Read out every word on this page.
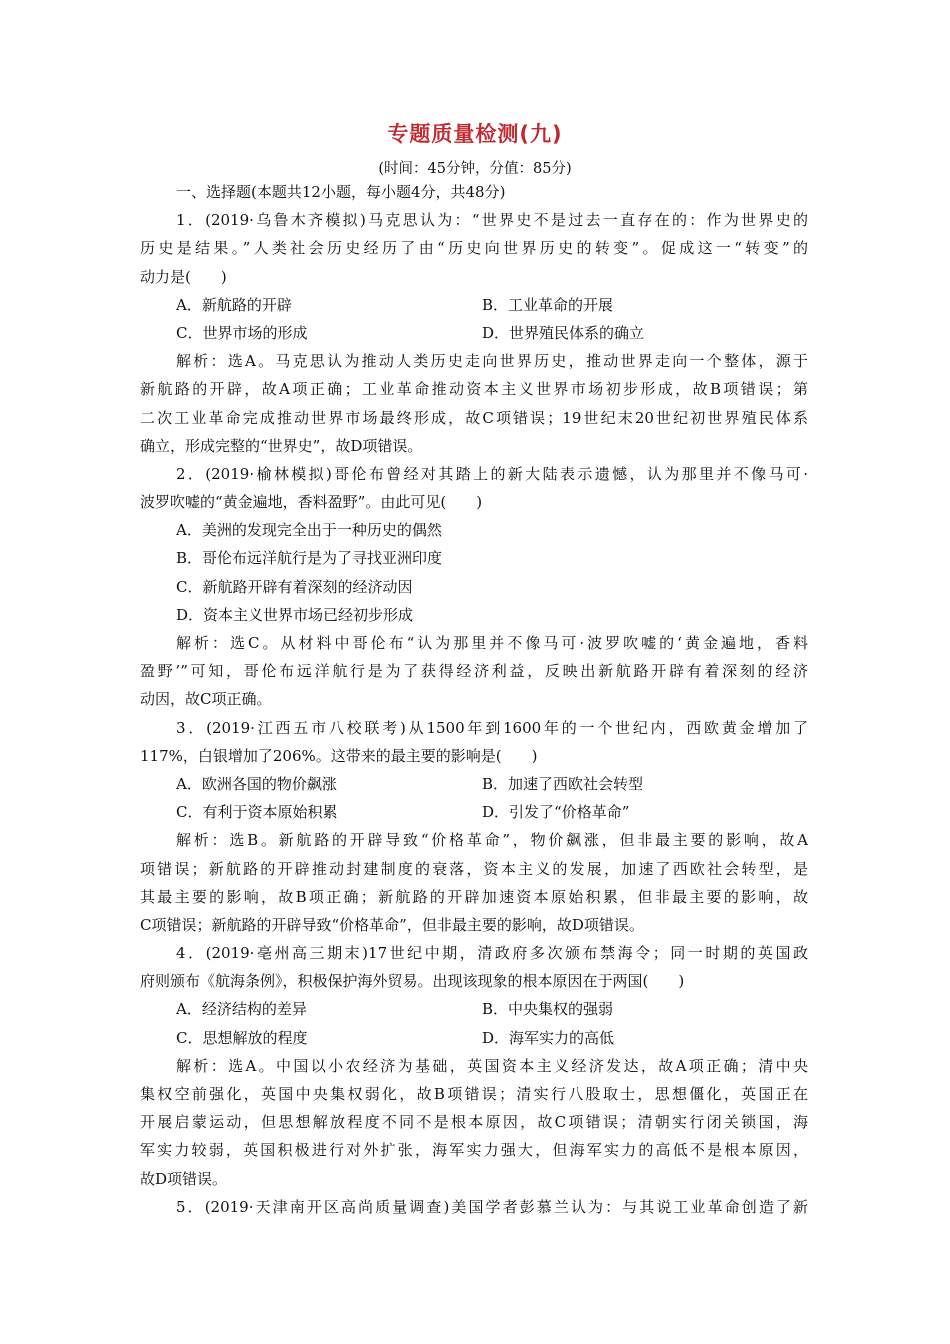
专题质量检测(九)
(时间：45分钟，分值：85分)
一、选择题(本题共12小题，每小题4分，共48分)
1．(2019·乌鲁木齐模拟)马克思认为：“世界史不是过去一直存在的：作为世界史的
历史是结果。”人类社会历史经历了由“历史向世界历史的转变”。促成这一“转变”的
动力是(　　)
A．新航路的开辟	B．工业革命的开展
C．世界市场的形成	D．世界殖民体系的确立
解析：选A。马克思认为推动人类历史走向世界历史，推动世界走向一个整体，源于
新航路的开辟，故A项正确；工业革命推动资本主义世界市场初步形成，故B项错误；第
二次工业革命完成推动世界市场最终形成，故C项错误；19世纪末20世纪初世界殖民体系
确立，形成完整的“世界史”，故D项错误。
2．(2019·榆林模拟)哥伦布曾经对其踏上的新大陆表示遗憾，认为那里并不像马可·
波罗吹嘘的“黄金遍地，香料盈野”。由此可见(　　)
A．美洲的发现完全出于一种历史的偶然
B．哥伦布远洋航行是为了寻找亚洲印度
C．新航路开辟有着深刻的经济动因
D．资本主义世界市场已经初步形成
解析：选C。从材料中哥伦布“认为那里并不像马可·波罗吹嘘的‘黄金遍地，香料
盈野’”可知，哥伦布远洋航行是为了获得经济利益，反映出新航路开辟有着深刻的经济
动因，故C项正确。
3．(2019·江西五市八校联考)从1500年到1600年的一个世纪内，西欧黄金增加了
117%，白银增加了206%。这带来的最主要的影响是(　　)
A．欧洲各国的物价飙涨	B．加速了西欧社会转型
C．有利于资本原始积累	D．引发了“价格革命”
解析：选B。新航路的开辟导致“价格革命”，物价飙涨，但非最主要的影响，故A
项错误；新航路的开辟推动封建制度的衰落，资本主义的发展，加速了西欧社会转型，是
其最主要的影响，故B项正确；新航路的开辟加速资本原始积累，但非最主要的影响，故
C项错误；新航路的开辟导致“价格革命”，但非最主要的影响，故D项错误。
4．(2019·亳州高三期末)17世纪中期，清政府多次颁布禁海令；同一时期的英国政
府则颁布《航海条例》，积极保护海外贸易。出现该现象的根本原因在于两国(　　)
A．经济结构的差异	B．中央集权的强弱
C．思想解放的程度	D．海军实力的高低
解析：选A。中国以小农经济为基础，英国资本主义经济发达，故A项正确；清中央
集权空前强化，英国中央集权弱化，故B项错误；清实行八股取士，思想僵化，英国正在
开展启蒙运动，但思想解放程度不同不是根本原因，故C项错误；清朝实行闭关锁国，海
军实力较弱，英国积极进行对外扩张，海军实力强大，但海军实力的高低不是根本原因，
故D项错误。
5．(2019·天津南开区高尚质量调查)美国学者彭慕兰认为：与其说工业革命创造了新
